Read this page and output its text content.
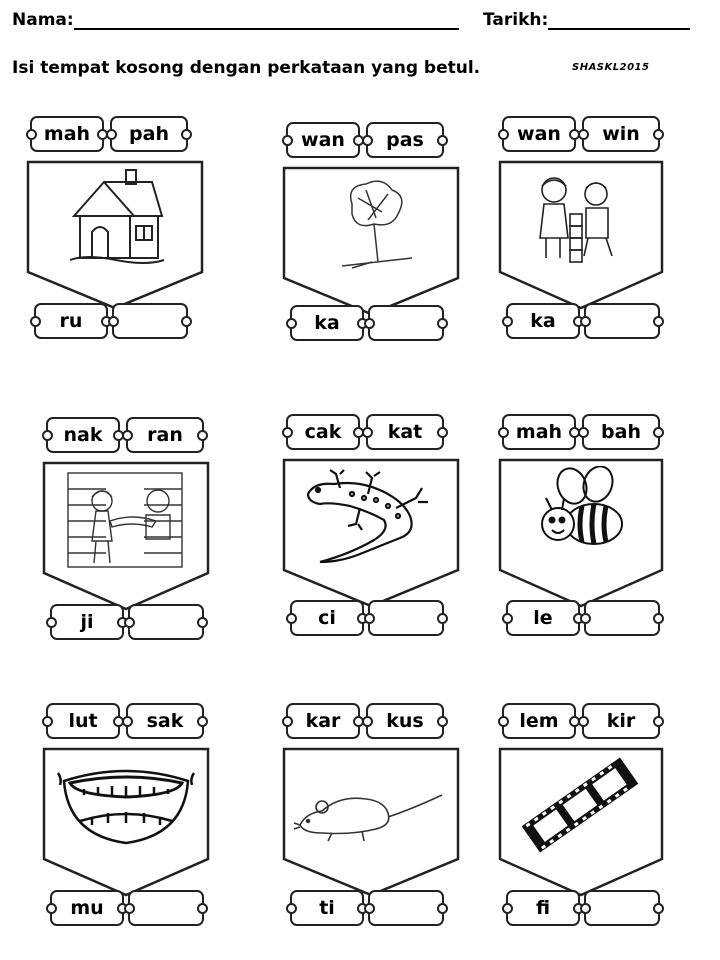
Nama:	Tarikh:
Isi tempat kosong dengan perkataan yang betul.	SHASKL2015
mah	pah
ru
wan	pas
ka
wan	win
ka
nak	ran
ji
cak	kat
ci
mah	bah
le
lut	sak
mu
kar	kus
ti
lem	kir
fi
